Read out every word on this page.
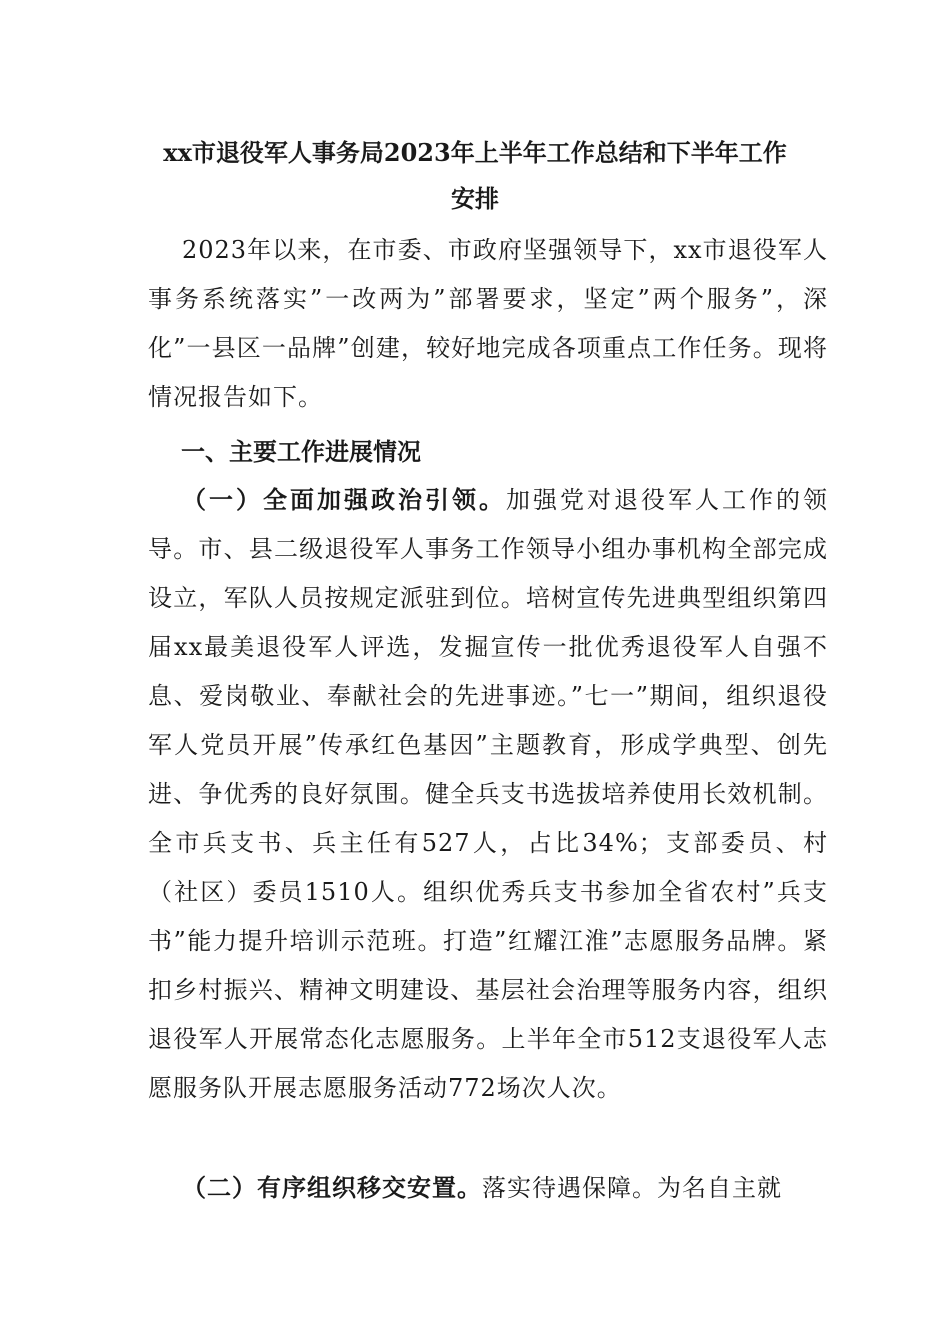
xx市退役军人事务局2023年上半年工作总结和下半年工作
安排

2023年以来，在市委、市政府坚强领导下，xx市退役军人事务系统落实”一改两为”部署要求，坚定”两个服务”，深化”一县区一品牌”创建，较好地完成各项重点工作任务。现将情况报告如下。

一、主要工作进展情况

（一）全面加强政治引领。加强党对退役军人工作的领导。市、县二级退役军人事务工作领导小组办事机构全部完成设立，军队人员按规定派驻到位。培树宣传先进典型组织第四届xx最美退役军人评选，发掘宣传一批优秀退役军人自强不息、爱岗敬业、奉献社会的先进事迹。”七一”期间，组织退役军人党员开展”传承红色基因”主题教育，形成学典型、创先进、争优秀的良好氛围。健全兵支书选拔培养使用长效机制。全市兵支书、兵主任有527人，占比34%；支部委员、村（社区）委员1510人。组织优秀兵支书参加全省农村”兵支书”能力提升培训示范班。打造”红耀江淮”志愿服务品牌。紧扣乡村振兴、精神文明建设、基层社会治理等服务内容，组织退役军人开展常态化志愿服务。上半年全市512支退役军人志愿服务队开展志愿服务活动772场次人次。

（二）有序组织移交安置。落实待遇保障。为名自主就
